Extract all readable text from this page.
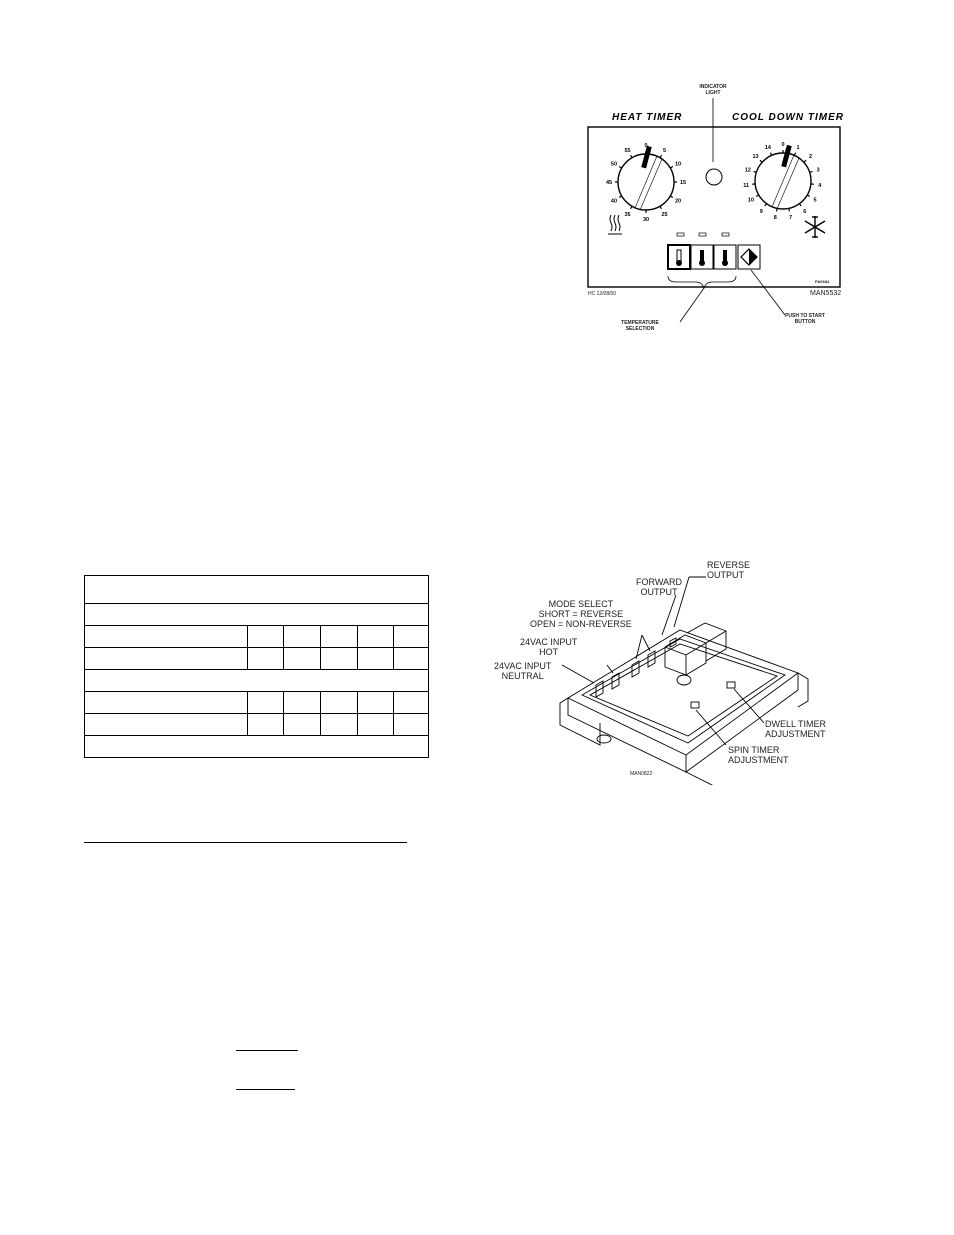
INDICATOR
LIGHT
HEAT TIMER	COOL DOWN TIMER
0
5
10
15
20
25
30
35
40
45
50
55
0
1
2
3
4
5
6
7
8
9
10
11
12
13
14
PA0684
HC 12/08/00	MAN5532
TEMPERATURE
SELECTION
PUSH TO START
BUTTON

REVERSE
OUTPUT
FORWARD
OUTPUT
MODE SELECT
SHORT = REVERSE
OPEN = NON-REVERSE
24VAC INPUT
HOT
24VAC INPUT
NEUTRAL
DWELL TIMER
ADJUSTMENT
SPIN TIMER
ADJUSTMENT
MAN0822
